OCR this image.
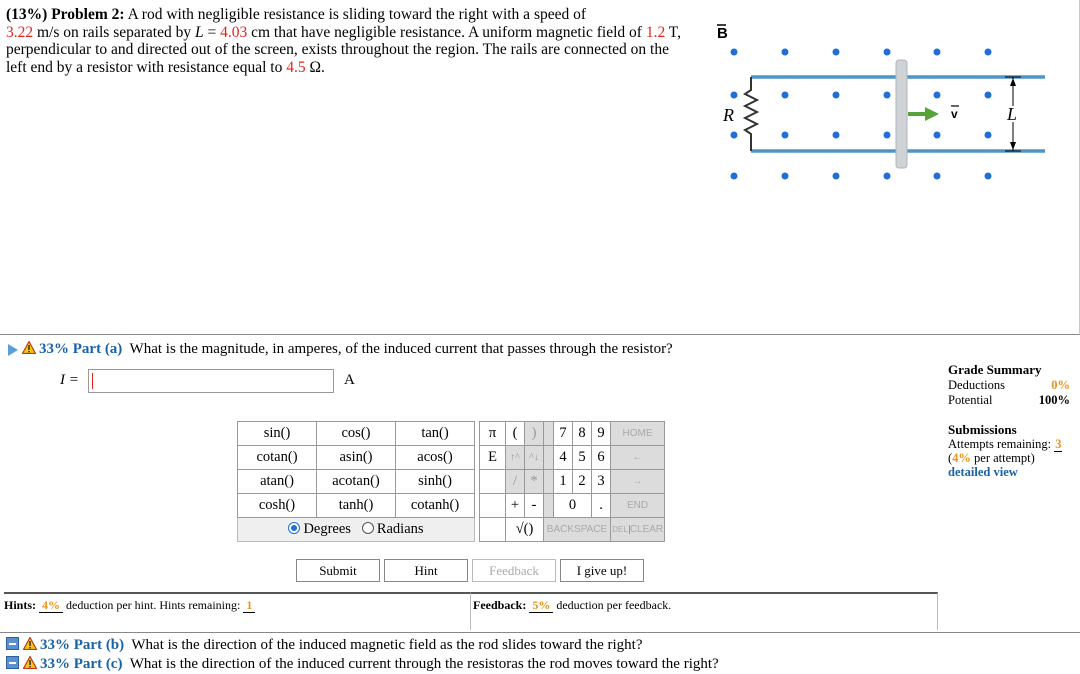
(13%) Problem 2: A rod with negligible resistance is sliding toward the right with a speed of
3.22 m/s on rails separated by L = 4.03 cm that have negligible resistance. A uniform magnetic field of 1.2 T, perpendicular to and directed out of the screen, exists throughout the region. The rails are connected on the left end by a resistor with resistance equal to 4.5 Ω.
B
R	v	L
33% Part (a) What is the magnitude, in amperes, of the induced current that passes through the resistor?
I =	A
sin()	cos()	tan()
cotan()	asin()	acos()
atan()	acotan()	sinh()
cosh()	tanh()	cotanh()
Degrees Radians		
π	(	)		7	8	9	HOME
E	↑^	^↓		4	5	6	←
	/	*		1	2	3	→
	+	-		0		.	END
	√()		BACKSPACE				DEL CLEAR
Submit	Hint	Feedback	I give up!
Hints: 4% deduction per hint. Hints remaining: 1	Feedback: 5% deduction per feedback.
Grade Summary
Deductions	0%
Potential	100%
Submissions
Attempts remaining: 3
(4% per attempt)
detailed view
33% Part (b) What is the direction of the induced magnetic field as the rod slides toward the right?
33% Part (c) What is the direction of the induced current through the resistoras the rod moves toward the right?
